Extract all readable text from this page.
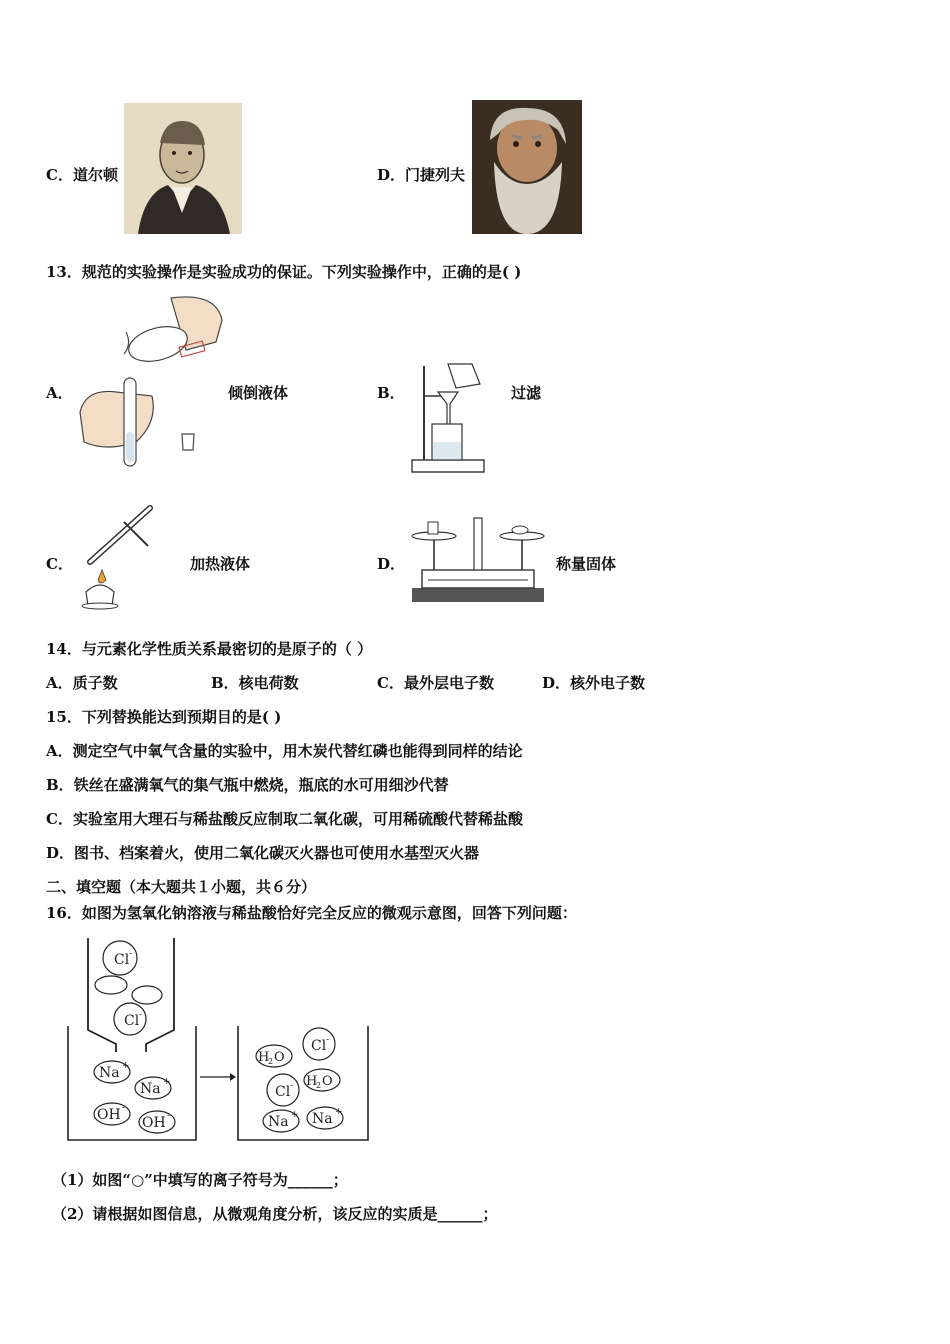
C．道尔顿	D．门捷列夫
13．规范的实验操作是实验成功的保证。下列实验操作中，正确的是( )
A．	倾倒液体	B．	过滤
C．	加热液体	D．	称量固体
14．与元素化学性质关系最密切的是原子的（ ）
A．质子数	B．核电荷数	C．最外层电子数	D．核外电子数
15．下列替换能达到预期目的是( )
A．测定空气中氧气含量的实验中，用木炭代替红磷也能得到同样的结论
B．铁丝在盛满氧气的集气瓶中燃烧，瓶底的水可用细沙代替
C．实验室用大理石与稀盐酸反应制取二氧化碳，可用稀硫酸代替稀盐酸
D．图书、档案着火，使用二氧化碳灭火器也可使用水基型灭火器
二、填空题（本大题共１小题，共６分）
16．如图为氢氧化钠溶液与稀盐酸恰好完全反应的微观示意图，回答下列问题：
Cl -
Cl -
Na +
Na +
OH -
OH -
H
2 O
Cl -
Cl - H
2 O
Na + Na +
（1）如图“○”中填写的离子符号为______；
（2）请根据如图信息，从微观角度分析，该反应的实质是______；
